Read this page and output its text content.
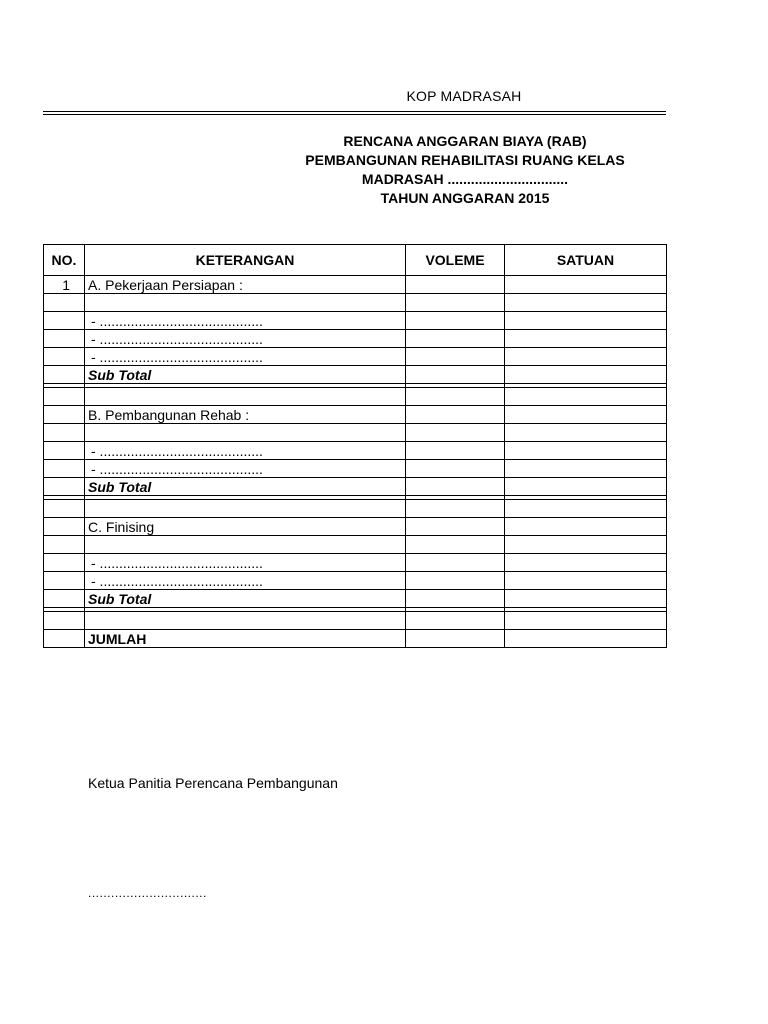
KOP MADRASAH
RENCANA ANGGARAN BIAYA (RAB)
PEMBANGUNAN REHABILITASI RUANG KELAS
MADRASAH ...............................
TAHUN ANGGARAN 2015
NO.	KETERANGAN	VOLEME	SATUAN
1	A. Pekerjaan Persiapan :		

	- ..........................................		
	- ..........................................		
	- ..........................................		
	Sub Total		

	B. Pembangunan Rehab :		

	- ..........................................		
	- ..........................................		
	Sub Total		

	C. Finising		

	- ..........................................		
	- ..........................................		
	Sub Total		

	JUMLAH		
Ketua Panitia Perencana Pembangunan
...............................
